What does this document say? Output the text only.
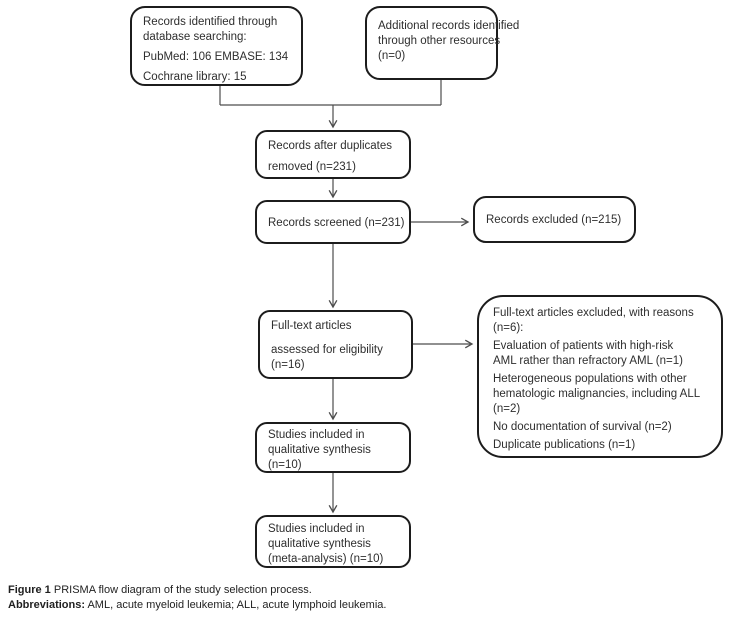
Records identified through
database searching:
PubMed: 106 EMBASE: 134
Cochrane library: 15
Additional records identified
through other resources
(n=0)
Records after duplicates
removed (n=231)
Records screened (n=231)	Records excluded (n=215)
Full-text articles
assessed for eligibility
(n=16)
Full-text articles excluded, with reasons
(n=6):
Evaluation of patients with high-risk
AML rather than refractory AML (n=1)
Heterogeneous populations with other
hematologic malignancies, including ALL
(n=2)
No documentation of survival (n=2)
Duplicate publications (n=1)
Studies included in
qualitative synthesis
(n=10)
Studies included in
qualitative synthesis
(meta-analysis) (n=10)
Figure 1 PRISMA flow diagram of the study selection process.
Abbreviations: AML, acute myeloid leukemia; ALL, acute lymphoid leukemia.
